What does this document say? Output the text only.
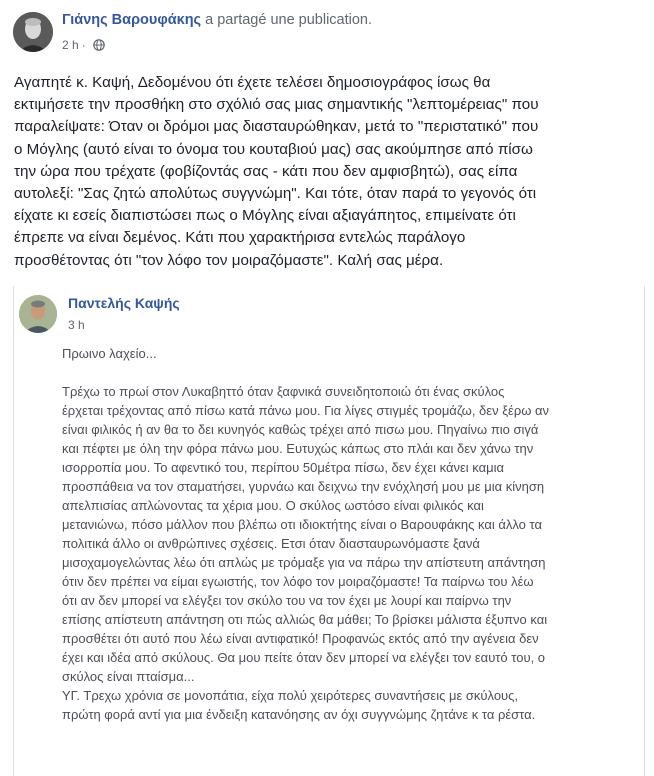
Γιάνης Βαρουφάκης a partagé une publication.
2 h ·
Αγαπητέ κ. Καψή, Δεδομένου ότι έχετε τελέσει δημοσιογράφος ίσως θα
εκτιμήσετε την προσθήκη στο σχόλιό σας μιας σημαντικής "λεπτομέρειας" που
παραλείψατε: Όταν οι δρόμοι μας διασταυρώθηκαν, μετά το "περιστατικό" που
ο Μόγλης (αυτό είναι το όνομα του κουταβιού μας) σας ακούμπησε από πίσω
την ώρα που τρέχατε (φοβίζοντάς σας - κάτι που δεν αμφισβητώ), σας είπα
αυτολεξί: "Σας ζητώ απολύτως συγγνώμη". Και τότε, όταν παρά το γεγονός ότι
είχατε κι εσείς διαπιστώσει πως ο Μόγλης είναι αξιαγάπητος, επιμείνατε ότι
έπρεπε να είναι δεμένος. Κάτι που χαρακτήρισα εντελώς παράλογο
προσθέτοντας ότι "τον λόφο τον μοιραζόμαστε". Καλή σας μέρα.
Παντελής Καψής
3 h
Πρωινο λαχείο...
Τρέχω το πρωί στον Λυκαβηττό όταν ξαφνικά συνειδητοποιώ ότι ένας σκύλος
έρχεται τρέχοντας από πίσω κατά πάνω μου. Για λίγες στιγμές τρομάζω, δεν ξέρω αν
είναι φιλικός ή αν θα το δει κυνηγός καθώς τρέχει από πισω μου. Πηγαίνω πιο σιγά
και πέφτει με όλη την φόρα πάνω μου. Ευτυχώς κάπως στο πλάι και δεν χάνω την
ισορροπία μου. Το αφεντικό του, περίπου 50μέτρα πίσω, δεν έχει κάνει καμια
προσπάθεια να τον σταματήσει, γυρνάω και δειχνω την ενόχλησή μου με μια κίνηση
απελπισίας απλώνοντας τα χέρια μου. Ο σκύλος ωστόσο είναι φιλικός και
μετανιώνω, πόσο μάλλον που βλέπω οτι ιδιοκτήτης είναι ο Βαρουφάκης και άλλο τα
πολιτικά άλλο οι ανθρώπινες σχέσεις. Ετσι όταν διασταυρωνόμαστε ξανά
μισοχαμογελώντας λέω ότι απλώς με τρόμαξε για να πάρω την απίστευτη απάντηση
ότιν δεν πρέπει να είμαι εγωιστής, τον λόφο τον μοιραζόμαστε! Τα παίρνω του λέω
ότι αν δεν μπορεί να ελέγξει τον σκύλο του να τον έχει με λουρί και παίρνω την
επίσης απίστευτη απάντηση οτι πώς αλλιώς θα μάθει; Το βρίσκει μάλιστα έξυπνο και
προσθέτει ότι αυτό που λέω είναι αντιφατικό! Προφανώς εκτός από την αγένεια δεν
έχει και ιδέα από σκύλους. Θα μου πείτε όταν δεν μπορεί να ελέγξει τον εαυτό του, ο
σκύλος είναι πταίσμα...
ΥΓ. Τρεχω χρόνια σε μονοπάτια, είχα πολύ χειρότερες συναντήσεις με σκύλους,
πρώτη φορά αντί για μια ένδειξη κατανόησης αν όχι συγγνώμης ζητάνε κ τα ρέστα.
